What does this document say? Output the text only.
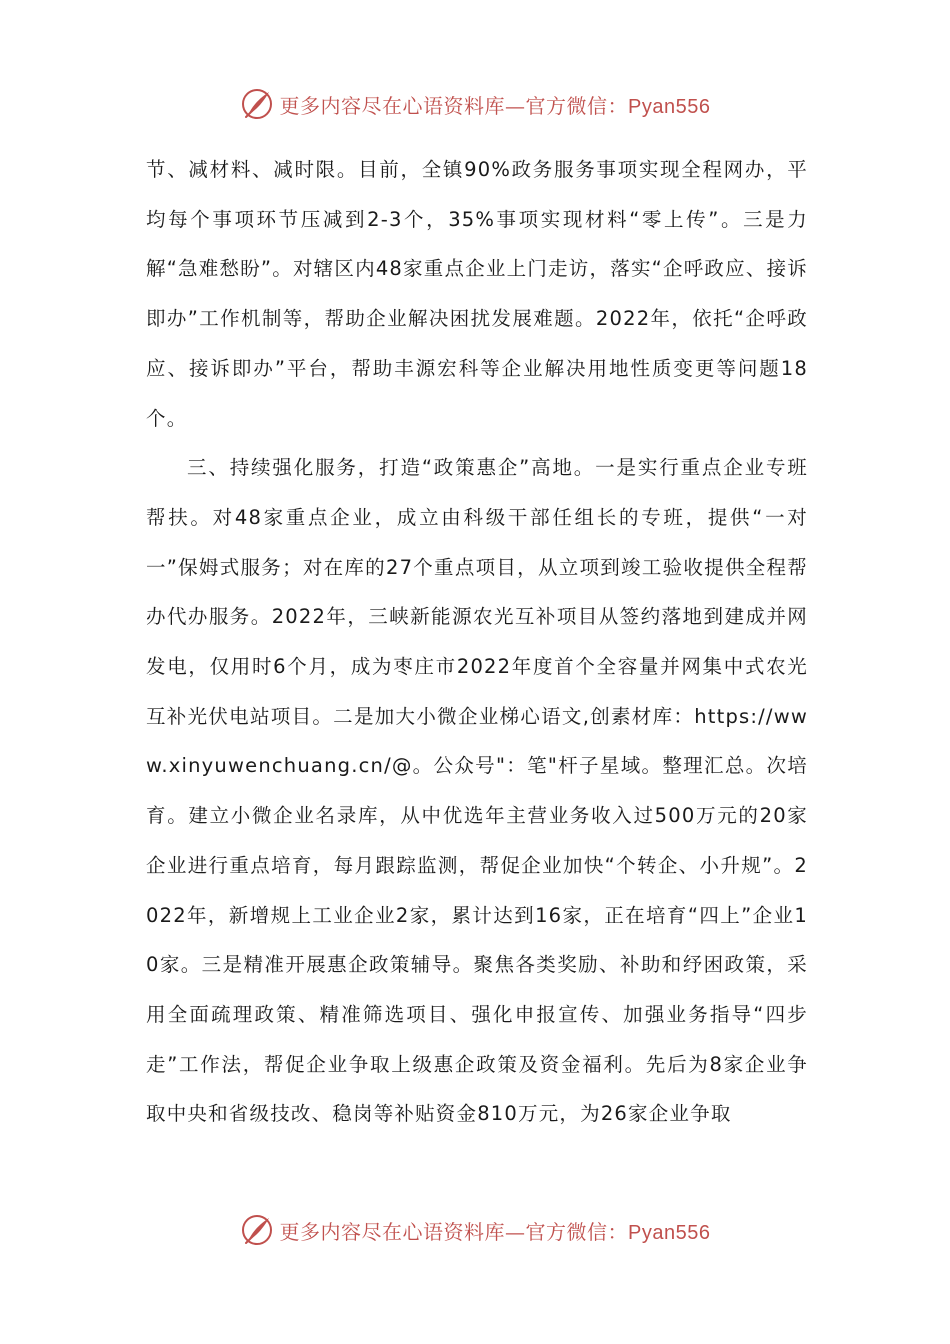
更多内容尽在心语资料库—官方微信：Pyan556

节、减材料、减时限。目前，全镇90%政务服务事项实现全程网办，平均每个事项环节压减到2-3个，35%事项实现材料“零上传”。三是力解“急难愁盼”。对辖区内48家重点企业上门走访，落实“企呼政应、接诉即办”工作机制等，帮助企业解决困扰发展难题。2022年，依托“企呼政应、接诉即办”平台，帮助丰源宏科等企业解决用地性质变更等问题18个。

三、持续强化服务，打造“政策惠企”高地。一是实行重点企业专班帮扶。对48家重点企业，成立由科级干部任组长的专班，提供“一对一”保姆式服务；对在库的27个重点项目，从立项到竣工验收提供全程帮办代办服务。2022年，三峡新能源农光互补项目从签约落地到建成并网发电，仅用时6个月，成为枣庄市2022年度首个全容量并网集中式农光互补光伏电站项目。二是加大小微企业梯心语文,创素材库：https://www.xinyuwenchuang.cn/@。公众号"：笔"杆子星域。整理汇总。次培育。建立小微企业名录库，从中优选年主营业务收入过500万元的20家企业进行重点培育，每月跟踪监测，帮促企业加快“个转企、小升规”。2022年，新增规上工业企业2家，累计达到16家，正在培育“四上”企业10家。三是精准开展惠企政策辅导。聚焦各类奖励、补助和纾困政策，采用全面疏理政策、精准筛选项目、强化申报宣传、加强业务指导“四步走”工作法，帮促企业争取上级惠企政策及资金福利。先后为8家企业争取中央和省级技改、稳岗等补贴资金810万元，为26家企业争取

更多内容尽在心语资料库—官方微信：Pyan556
